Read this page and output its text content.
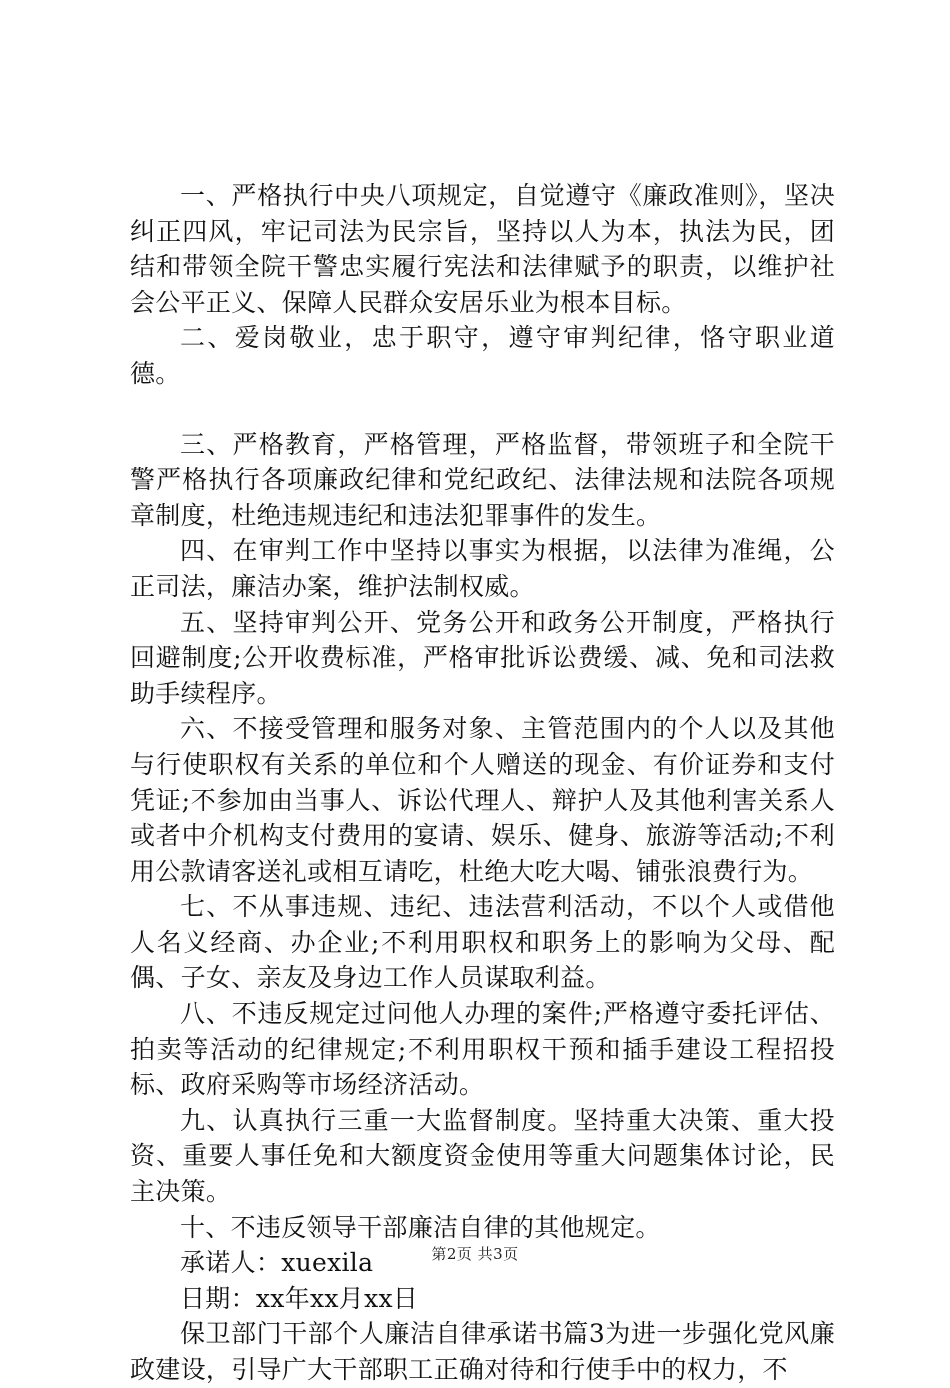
一、严格执行中央八项规定，自觉遵守《廉政准则》，坚决纠正四风，牢记司法为民宗旨，坚持以人为本，执法为民，团结和带领全院干警忠实履行宪法和法律赋予的职责，以维护社会公平正义、保障人民群众安居乐业为根本目标。

二、爱岗敬业，忠于职守，遵守审判纪律，恪守职业道德。

三、严格教育，严格管理，严格监督，带领班子和全院干警严格执行各项廉政纪律和党纪政纪、法律法规和法院各项规章制度，杜绝违规违纪和违法犯罪事件的发生。

四、在审判工作中坚持以事实为根据，以法律为准绳，公正司法，廉洁办案，维护法制权威。

五、坚持审判公开、党务公开和政务公开制度，严格执行回避制度;公开收费标准，严格审批诉讼费缓、减、免和司法救助手续程序。

六、不接受管理和服务对象、主管范围内的个人以及其他与行使职权有关系的单位和个人赠送的现金、有价证券和支付凭证;不参加由当事人、诉讼代理人、辩护人及其他利害关系人或者中介机构支付费用的宴请、娱乐、健身、旅游等活动;不利用公款请客送礼或相互请吃，杜绝大吃大喝、铺张浪费行为。

七、不从事违规、违纪、违法营利活动，不以个人或借他人名义经商、办企业;不利用职权和职务上的影响为父母、配偶、子女、亲友及身边工作人员谋取利益。

八、不违反规定过问他人办理的案件;严格遵守委托评估、拍卖等活动的纪律规定;不利用职权干预和插手建设工程招投标、政府采购等市场经济活动。

九、认真执行三重一大监督制度。坚持重大决策、重大投资、重要人事任免和大额度资金使用等重大问题集体讨论，民主决策。

十、不违反领导干部廉洁自律的其他规定。

承诺人：xuexila

日期：xx年xx月xx日

保卫部门干部个人廉洁自律承诺书篇3为进一步强化党风廉政建设，引导广大干部职工正确对待和行使手中的权力，不

第2页 共3页
